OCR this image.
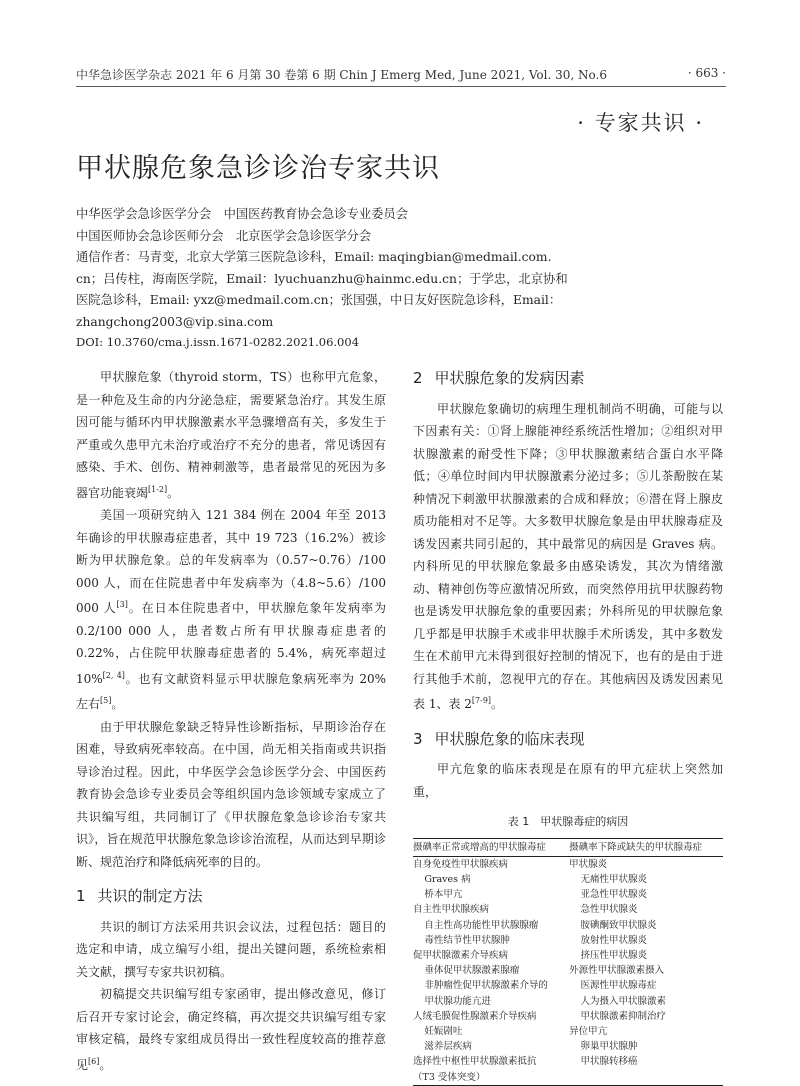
中华急诊医学杂志 2021 年 6 月第 30 卷第 6 期 Chin J Emerg Med, June 2021, Vol. 30, No.6	· 663 ·
· 专家共识 ·
甲状腺危象急诊诊治专家共识
中华医学会急诊医学分会　中国医药教育协会急诊专业委员会
中国医师协会急诊医师分会　北京医学会急诊医学分会
通信作者：马青变，北京大学第三医院急诊科，Email: maqingbian@medmail.com.
cn；吕传柱，海南医学院，Email：lyuchuanzhu@hainmc.edu.cn；于学忠，北京协和
医院急诊科，Email: yxz@medmail.com.cn；张国强，中日友好医院急诊科，Email：
zhangchong2003@vip.sina.com
DOI: 10.3760/cma.j.issn.1671-0282.2021.06.004

甲状腺危象（thyroid storm，TS）也称甲亢危象，是一种危及生命的内分泌急症，需要紧急治疗。其发生原因可能与循环内甲状腺激素水平急骤增高有关，多发生于严重或久患甲亢未治疗或治疗不充分的患者，常见诱因有感染、手术、创伤、精神刺激等，患者最常见的死因为多器官功能衰竭[1-2]。

美国一项研究纳入 121 384 例在 2004 年至 2013 年确诊的甲状腺毒症患者，其中 19 723（16.2%）被诊断为甲状腺危象。总的年发病率为（0.57~0.76）/100 000 人，而在住院患者中年发病率为（4.8~5.6）/100 000 人[3]。在日本住院患者中，甲状腺危象年发病率为 0.2/100 000 人，患者数占所有甲状腺毒症患者的 0.22%，占住院甲状腺毒症患者的 5.4%，病死率超过 10%[2, 4]。也有文献资料显示甲状腺危象病死率为 20% 左右[5]。

由于甲状腺危象缺乏特异性诊断指标，早期诊治存在困难，导致病死率较高。在中国，尚无相关指南或共识指导诊治过程。因此，中华医学会急诊医学分会、中国医药教育协会急诊专业委员会等组织国内急诊领域专家成立了共识编写组，共同制订了《甲状腺危象急诊诊治专家共识》，旨在规范甲状腺危象急诊诊治流程，从而达到早期诊断、规范治疗和降低病死率的目的。

1 共识的制定方法

共识的制订方法采用共识会议法，过程包括：题目的选定和申请，成立编写小组，提出关键问题，系统检索相关文献，撰写专家共识初稿。

初稿提交共识编写组专家函审，提出修改意见，修订后召开专家讨论会，确定终稿，再次提交共识编写组专家审核定稿，最终专家组成员得出一致性程度较高的推荐意见[6]。

2 甲状腺危象的发病因素

甲状腺危象确切的病理生理机制尚不明确，可能与以下因素有关：①肾上腺能神经系统活性增加；②组织对甲状腺激素的耐受性下降；③甲状腺激素结合蛋白水平降低；④单位时间内甲状腺激素分泌过多；⑤儿茶酚胺在某种情况下刺激甲状腺激素的合成和释放；⑥潜在肾上腺皮质功能相对不足等。大多数甲状腺危象是由甲状腺毒症及诱发因素共同引起的，其中最常见的病因是 Graves 病。内科所见的甲状腺危象最多由感染诱发，其次为情绪激动、精神创伤等应激情况所致，而突然停用抗甲状腺药物也是诱发甲状腺危象的重要因素；外科所见的甲状腺危象几乎都是甲状腺手术或非甲状腺手术所诱发，其中多数发生在术前甲亢未得到很好控制的情况下，也有的是由于进行其他手术前，忽视甲亢的存在。其他病因及诱发因素见表 1、表 2[7-9]。

3 甲状腺危象的临床表现

甲亢危象的临床表现是在原有的甲亢症状上突然加重，

表 1　甲状腺毒症的病因
摄碘率正常或增高的甲状腺毒症	摄碘率下降或缺失的甲状腺毒症

自身免疫性甲状腺疾病	甲状腺炎

Graves 病	无痛性甲状腺炎

桥本甲亢	亚急性甲状腺炎

自主性甲状腺疾病	急性甲状腺炎

自主性高功能性甲状腺腺瘤	胺碘酮致甲状腺炎

毒性结节性甲状腺肿	放射性甲状腺炎

促甲状腺激素介导疾病	挤压性甲状腺炎

垂体促甲状腺激素腺瘤	外源性甲状腺激素摄入

非肿瘤性促甲状腺激素介导的	医源性甲状腺毒症

甲状腺功能亢进	人为摄入甲状腺激素

人绒毛膜促性腺激素介导疾病	甲状腺激素抑制治疗

妊娠剧吐	异位甲亢

滋养层疾病	卵巢甲状腺肿

选择性中枢性甲状腺激素抵抗	甲状腺转移癌

（T3 受体突变）	
